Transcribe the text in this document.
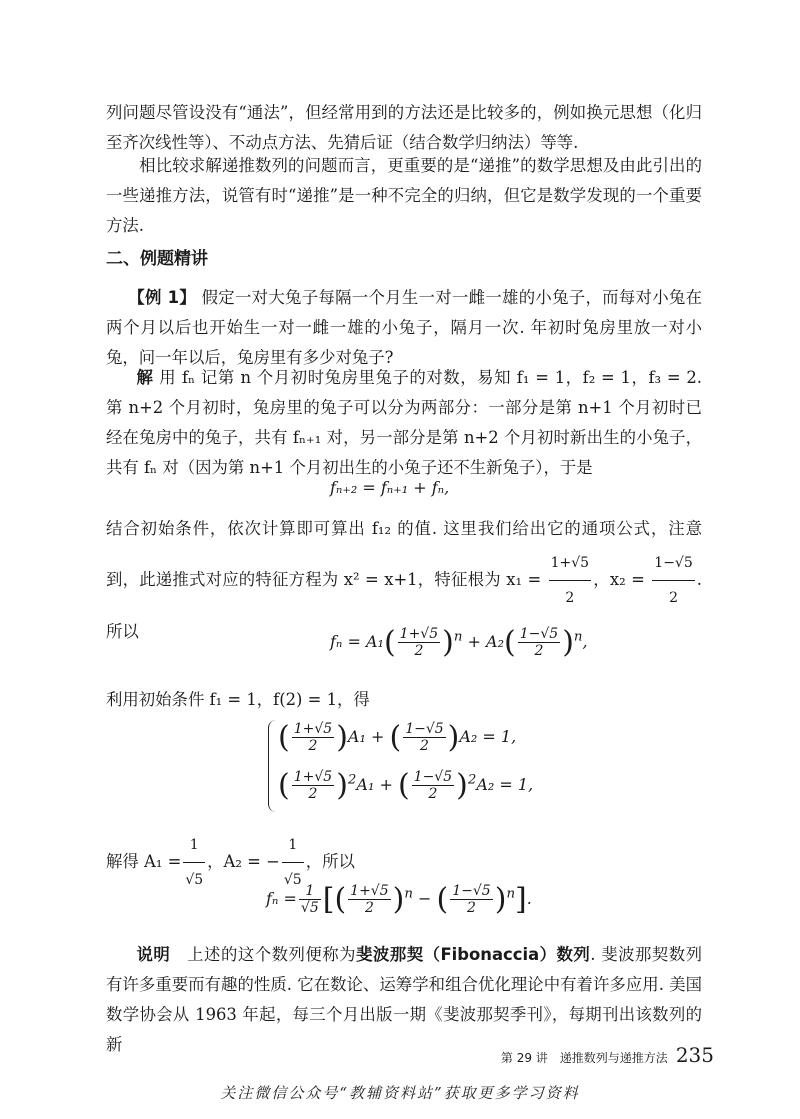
列问题尽管设没有“通法”，但经常用到的方法还是比较多的，例如换元思想（化归至齐次线性等）、不动点方法、先猜后证（结合数学归纳法）等等.
相比较求解递推数列的问题而言，更重要的是“递推”的数学思想及由此引出的一些递推方法，说管有时“递推”是一种不完全的归纳，但它是数学发现的一个重要方法.
二、例题精讲
【例 1】 假定一对大兔子每隔一个月生一对一雌一雄的小兔子，而每对小兔在两个月以后也开始生一对一雌一雄的小兔子，隔月一次. 年初时兔房里放一对小兔，问一年以后，兔房里有多少对兔子?
解 用 fₙ 记第 n 个月初时兔房里兔子的对数，易知 f₁ = 1，f₂ = 1，f₃ = 2. 第 n+2 个月初时，兔房里的兔子可以分为两部分：一部分是第 n+1 个月初时已经在兔房中的兔子，共有 fₙ₊₁ 对，另一部分是第 n+2 个月初时新出生的小兔子，共有 fₙ 对（因为第 n+1 个月初出生的小兔子还不生新兔子），于是
fₙ₊₂ = fₙ₊₁ + fₙ,
结合初始条件，依次计算即可算出 f₁₂ 的值. 这里我们给出它的通项公式，注意到，此递推式对应的特征方程为 x² = x+1，特征根为 $x_1 = \frac{1+√5}{2}$ ，$x_2 = \frac{1-√5}{2}$ . 所以
$f_n = A_1( \frac{1+√5}{2} )^n + A_2( \frac{1-√5}{2} )^n$,
利用初始条件 f₁ = 1，f(2) = 1，得
( $\frac{1+√5}{2} )A_1$ + ( $\frac{1-√5}{2} )A_2 = 1$,
( $\frac{1+√5}{2} )^2A_1$ + ( $\frac{1-√5}{2} )^2A_2 = 1$,
解得 $A_1 = \frac{1}{√5}$ ，A₂ = − $\frac{1}{√5}$ ，所以
$f_n = \frac{1}{√5}$ [( $\frac{1+√5}{2} )^n$ − ( $\frac{1-√5}{2} )^n$].
说明　 上述的这个数列便称为斐波那契（Fibonaccia）数列. 斐波那契数列有许多重要而有趣的性质. 它在数论、运筹学和组合优化理论中有着许多应用. 美国数学协会从 1963 年起，每三个月出版一期《斐波那契季刊》，每期刊出该数列的新
第 29 讲　递推数列与递推方法 235
关注微信公众号“教辅资料站”获取更多学习资料
